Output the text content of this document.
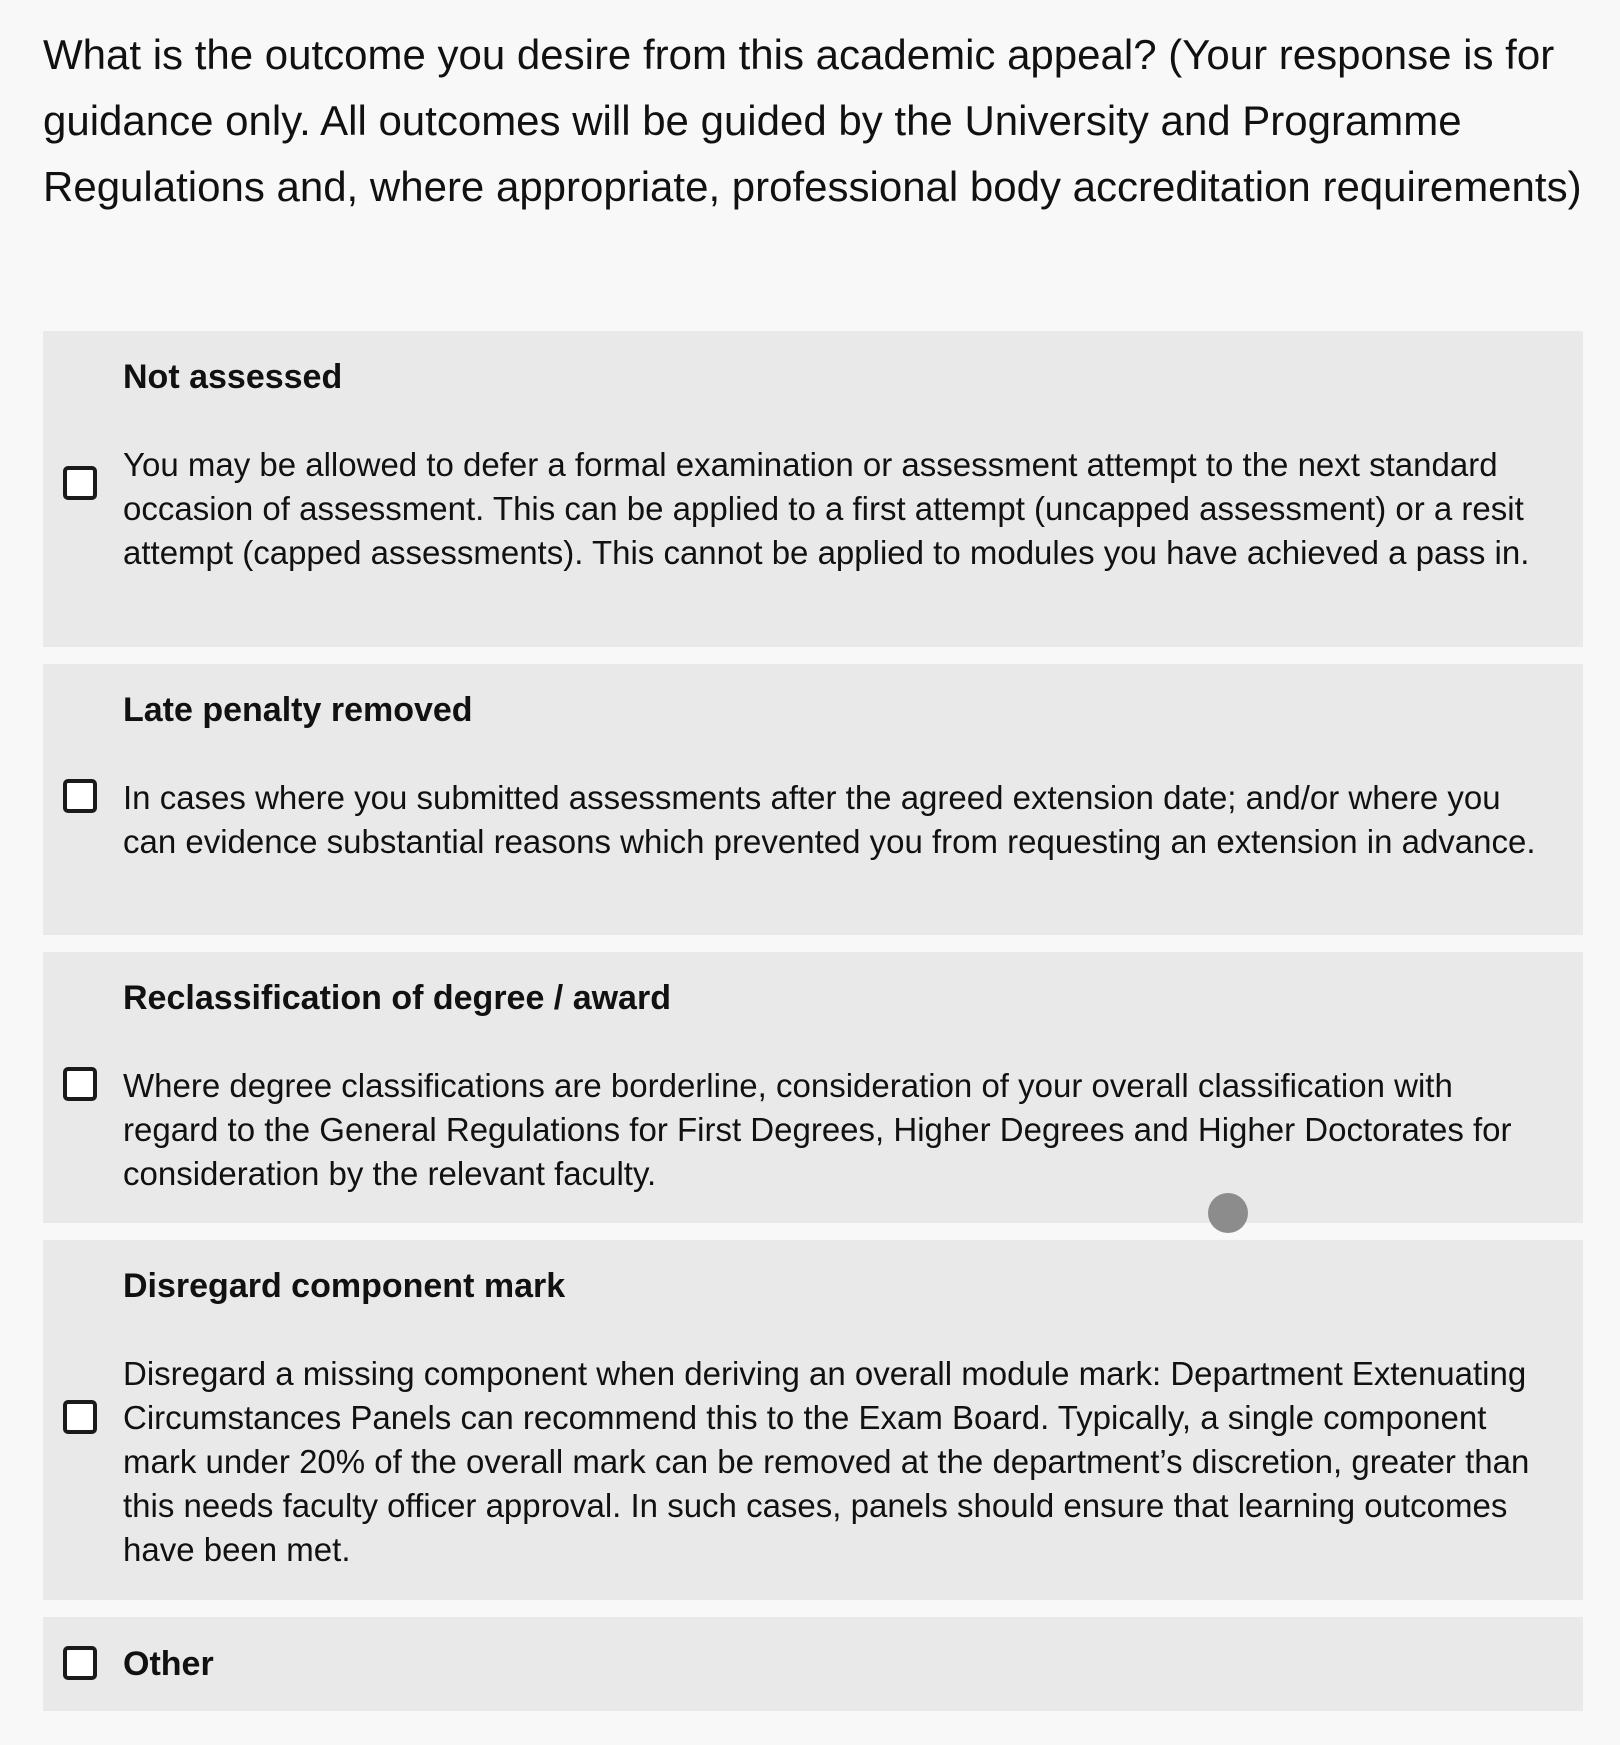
What is the outcome you desire from this academic appeal? (Your response is for guidance only. All outcomes will be guided by the University and Programme Regulations and, where appropriate, professional body accreditation requirements)
Not assessed
You may be allowed to defer a formal examination or assessment attempt to the next standard occasion of assessment. This can be applied to a first attempt (uncapped assessment) or a resit attempt (capped assessments). This cannot be applied to modules you have achieved a pass in.
Late penalty removed
In cases where you submitted assessments after the agreed extension date; and/or where you can evidence substantial reasons which prevented you from requesting an extension in advance.
Reclassification of degree / award
Where degree classifications are borderline, consideration of your overall classification with regard to the General Regulations for First Degrees, Higher Degrees and Higher Doctorates for consideration by the relevant faculty.
Disregard component mark
Disregard a missing component when deriving an overall module mark: Department Extenuating Circumstances Panels can recommend this to the Exam Board. Typically, a single component mark under 20% of the overall mark can be removed at the department’s discretion, greater than this needs faculty officer approval. In such cases, panels should ensure that learning outcomes have been met.
Other
